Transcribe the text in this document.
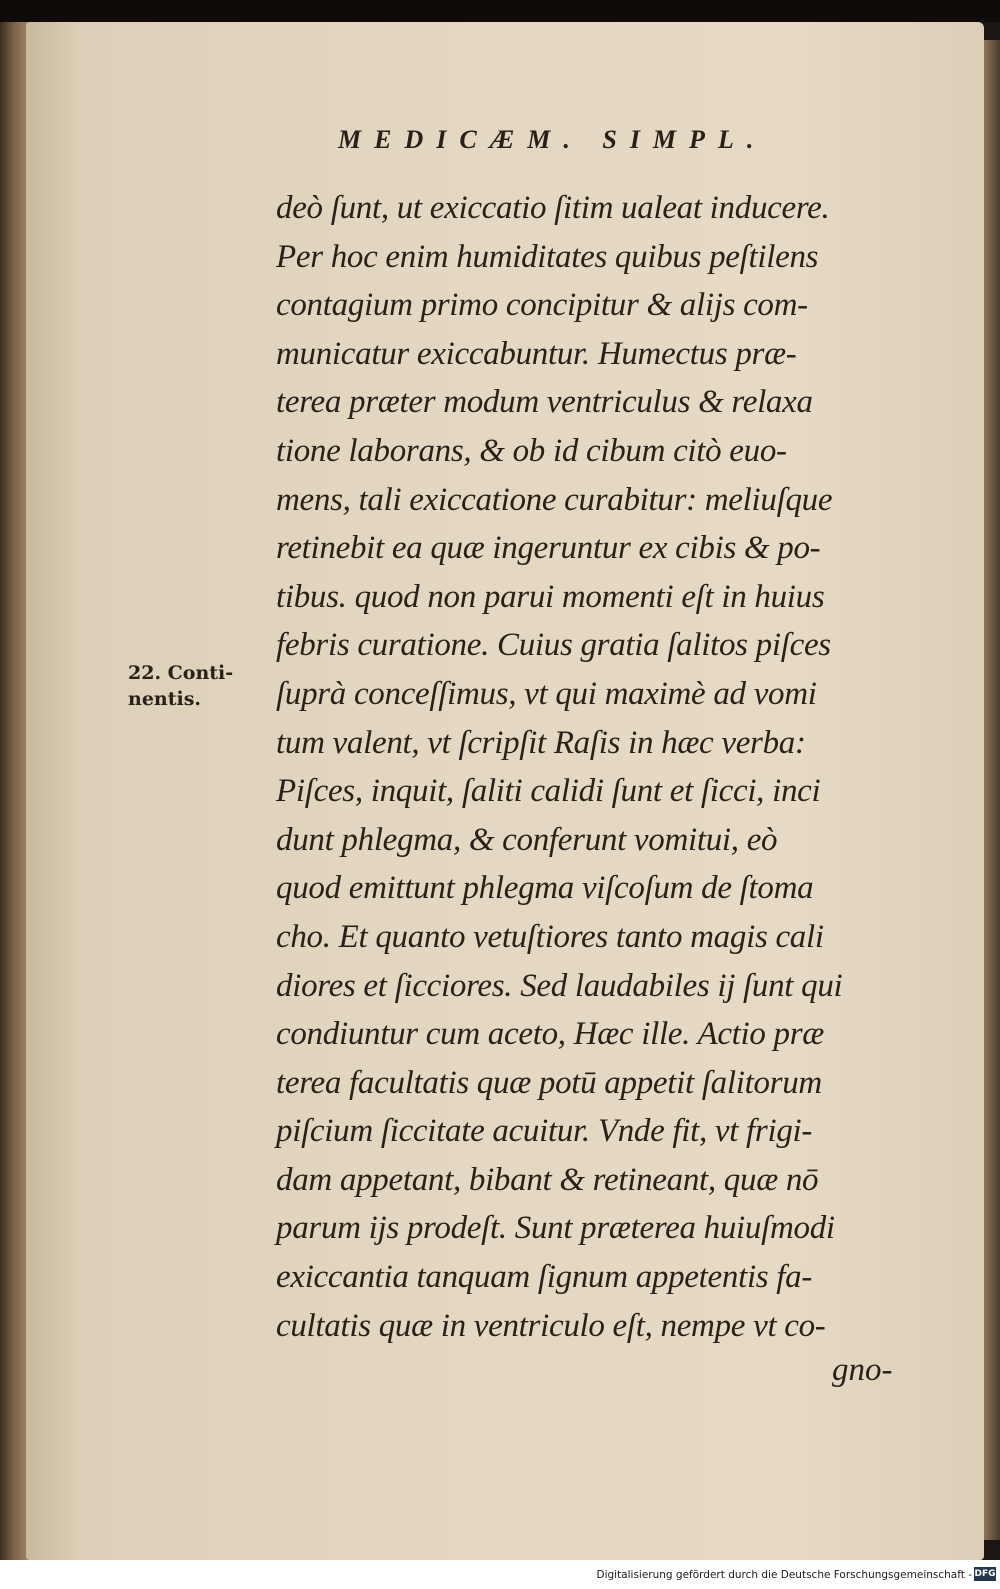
MEDICÆM. SIMPL.

22. Conti-
nentis.
deò ſunt, ut exiccatio ſitim ualeat inducere.
Per hoc enim humiditates quibus peſtilens
contagium primo concipitur & alijs com-
municatur exiccabuntur. Humectus præ-
terea præter modum ventriculus & relaxa
tione laborans, & ob id cibum citò euo-
mens, tali exiccatione curabitur: meliuſque
retinebit ea quæ ingeruntur ex cibis & po-
tibus. quod non parui momenti eſt in huius
febris curatione. Cuius gratia ſalitos piſces
ſuprà conceſſimus, vt qui maximè ad vomi
tum valent, vt ſcripſit Raſis in hæc verba:
Piſces, inquit, ſaliti calidi ſunt et ſicci, inci
dunt phlegma, & conferunt vomitui, eò
quod emittunt phlegma viſcoſum de ſtoma
cho. Et quanto vetuſtiores tanto magis cali
diores et ſicciores. Sed laudabiles ij ſunt qui
condiuntur cum aceto, Hæc ille. Actio præ
terea facultatis quæ potū appetit ſalitorum
piſcium ſiccitate acuitur. Vnde fit, vt frigi-
dam appetant, bibant & retineant, quæ nō
parum ijs prodeſt. Sunt præterea huiuſmodi
exiccantia tanquam ſignum appetentis fa-
cultatis quæ in ventriculo eſt, nempe vt co-
gno-
Digitalisierung gefördert durch die Deutsche Forschungsgemeinschaft - DFG
